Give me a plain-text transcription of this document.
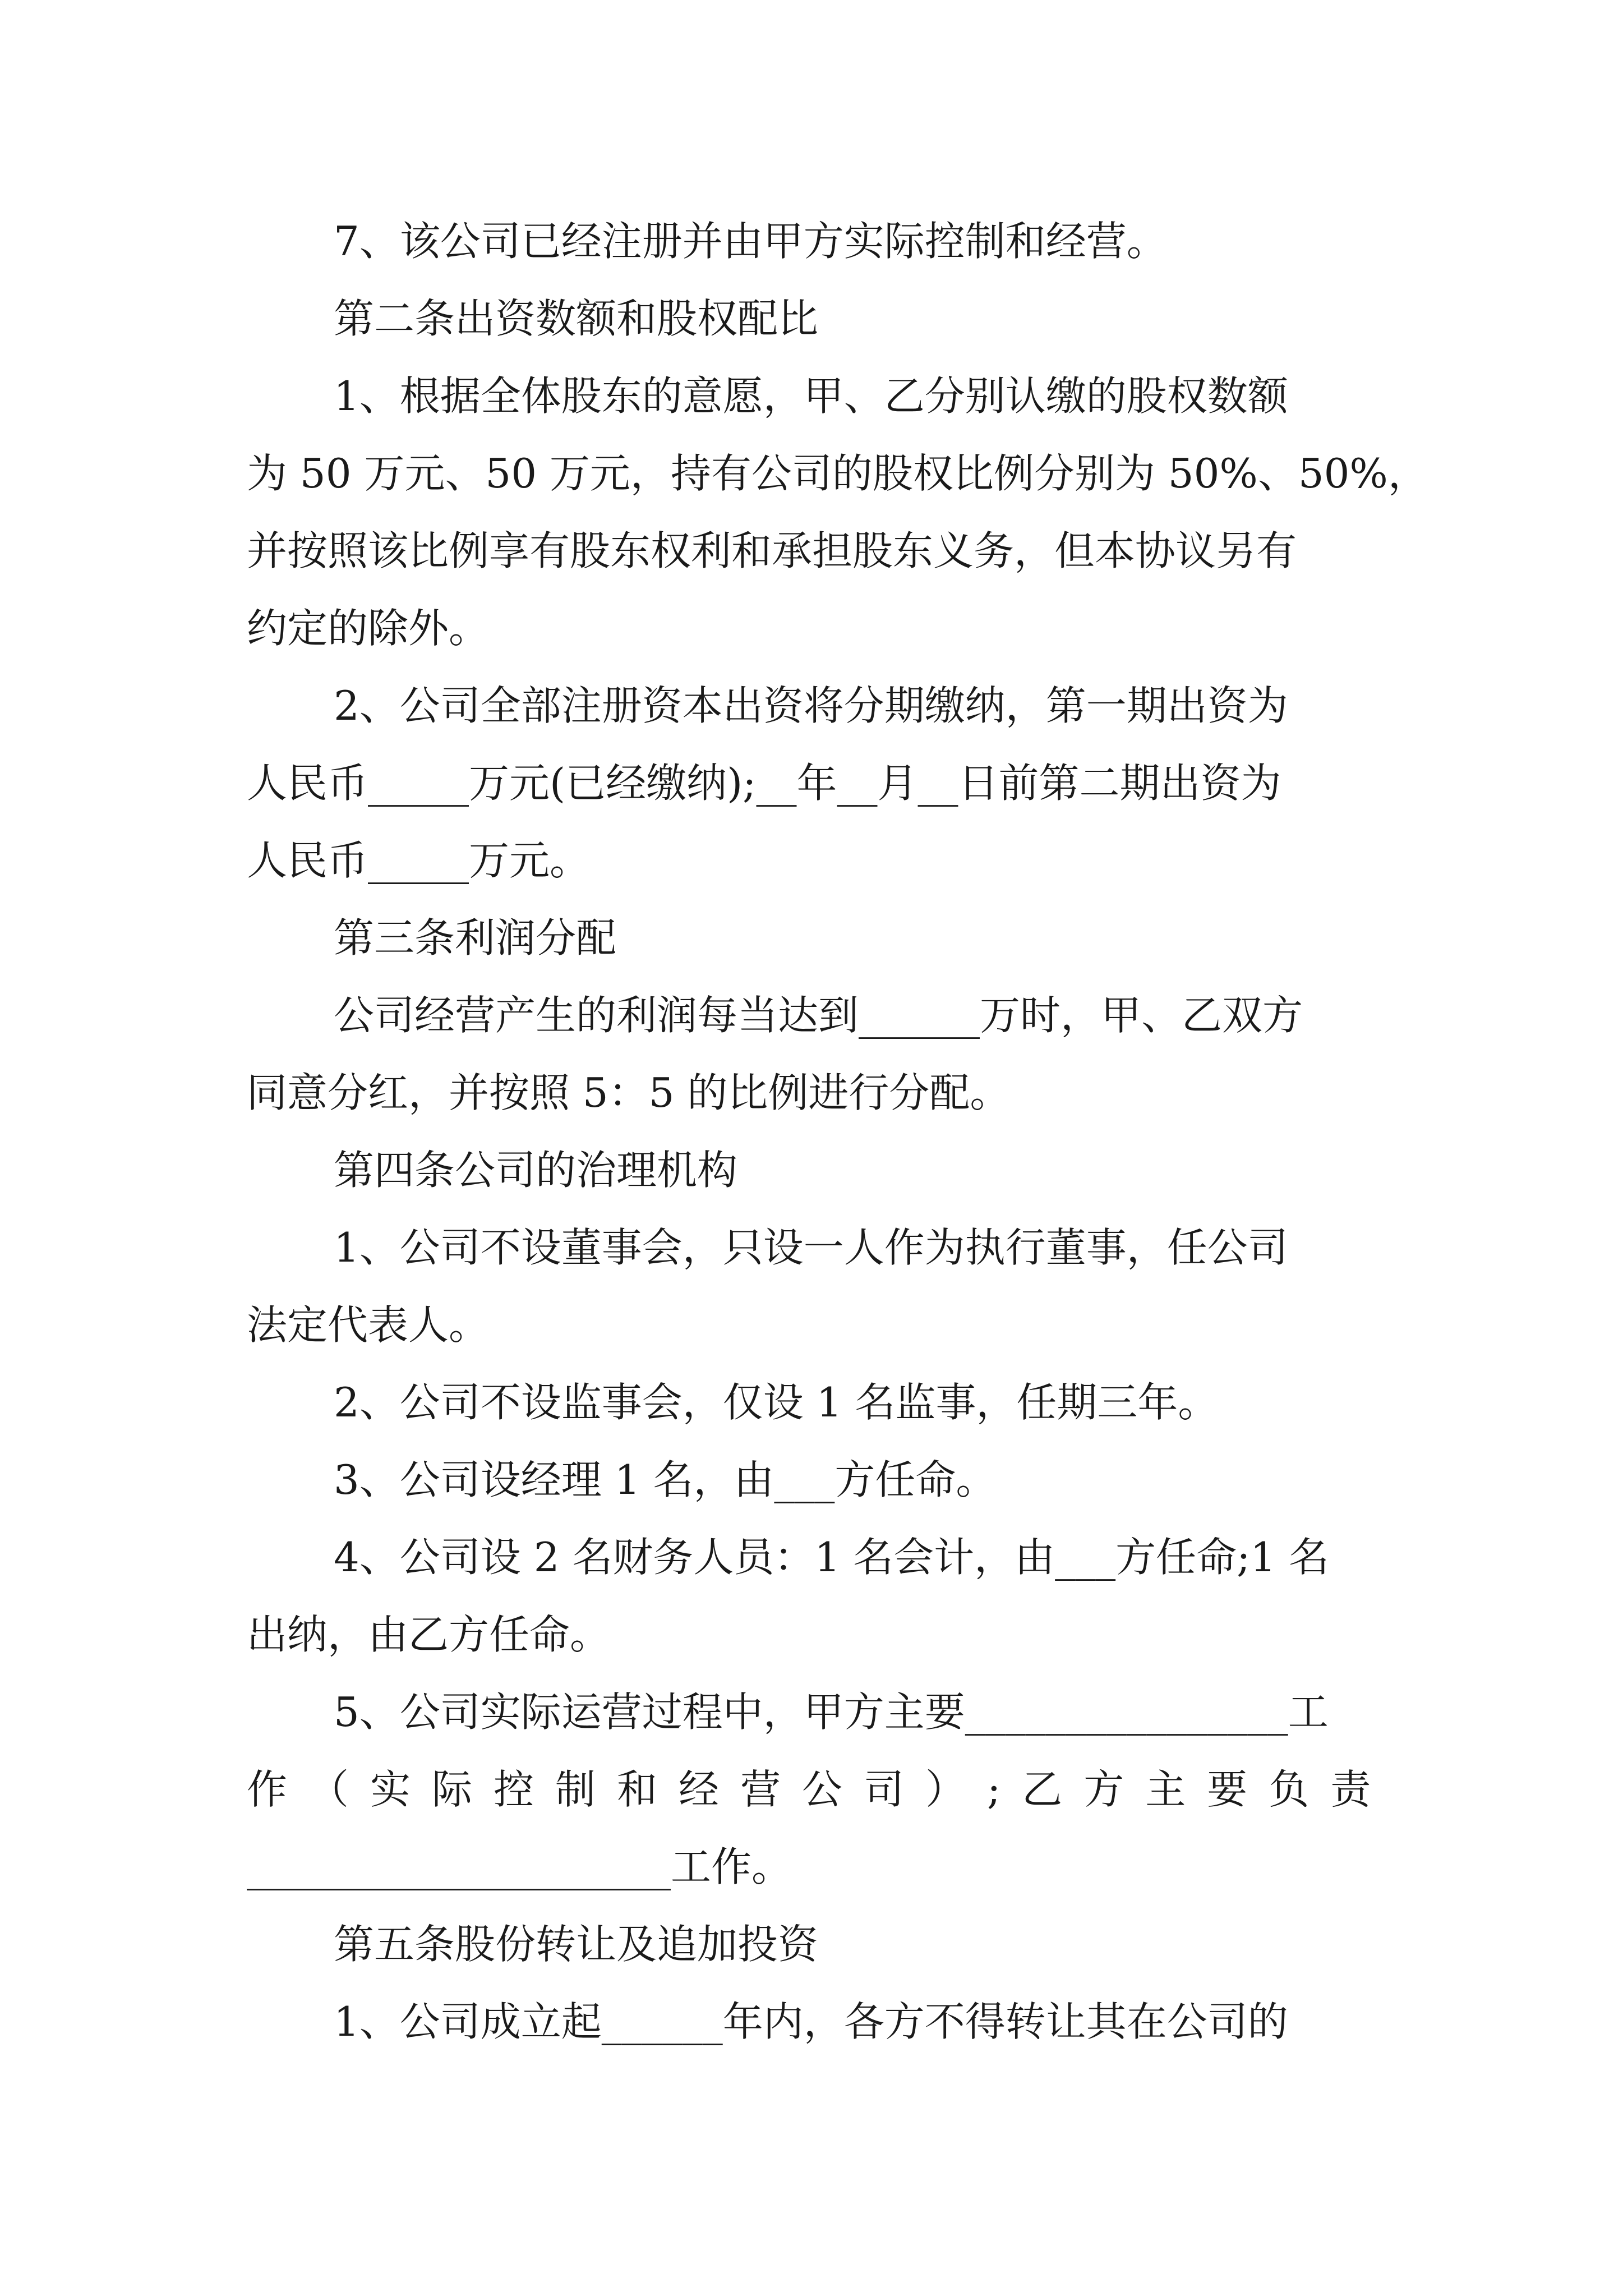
7、该公司已经注册并由甲方实际控制和经营。

第二条出资数额和股权配比

1、根据全体股东的意愿，甲、乙分别认缴的股权数额

为 50 万元、50 万元，持有公司的股权比例分别为 50%、50%，

并按照该比例享有股东权利和承担股东义务，但本协议另有

约定的除外。

2、公司全部注册资本出资将分期缴纳，第一期出资为

人民币_____万元(已经缴纳);__年__月__日前第二期出资为

人民币_____万元。

第三条利润分配

公司经营产生的利润每当达到______万时，甲、乙双方

同意分红，并按照 5：5 的比例进行分配。

第四条公司的治理机构

1、公司不设董事会，只设一人作为执行董事，任公司

法定代表人。

2、公司不设监事会，仅设 1 名监事，任期三年。

3、公司设经理 1 名，由___方任命。

4、公司设 2 名财务人员：1 名会计，由___方任命;1 名

出纳，由乙方任命。

5、公司实际运营过程中，甲方主要________________工

作（实际控制和经营公司）;乙方主要负责

_____________________工作。

第五条股份转让及追加投资

1、公司成立起______年内，各方不得转让其在公司的
